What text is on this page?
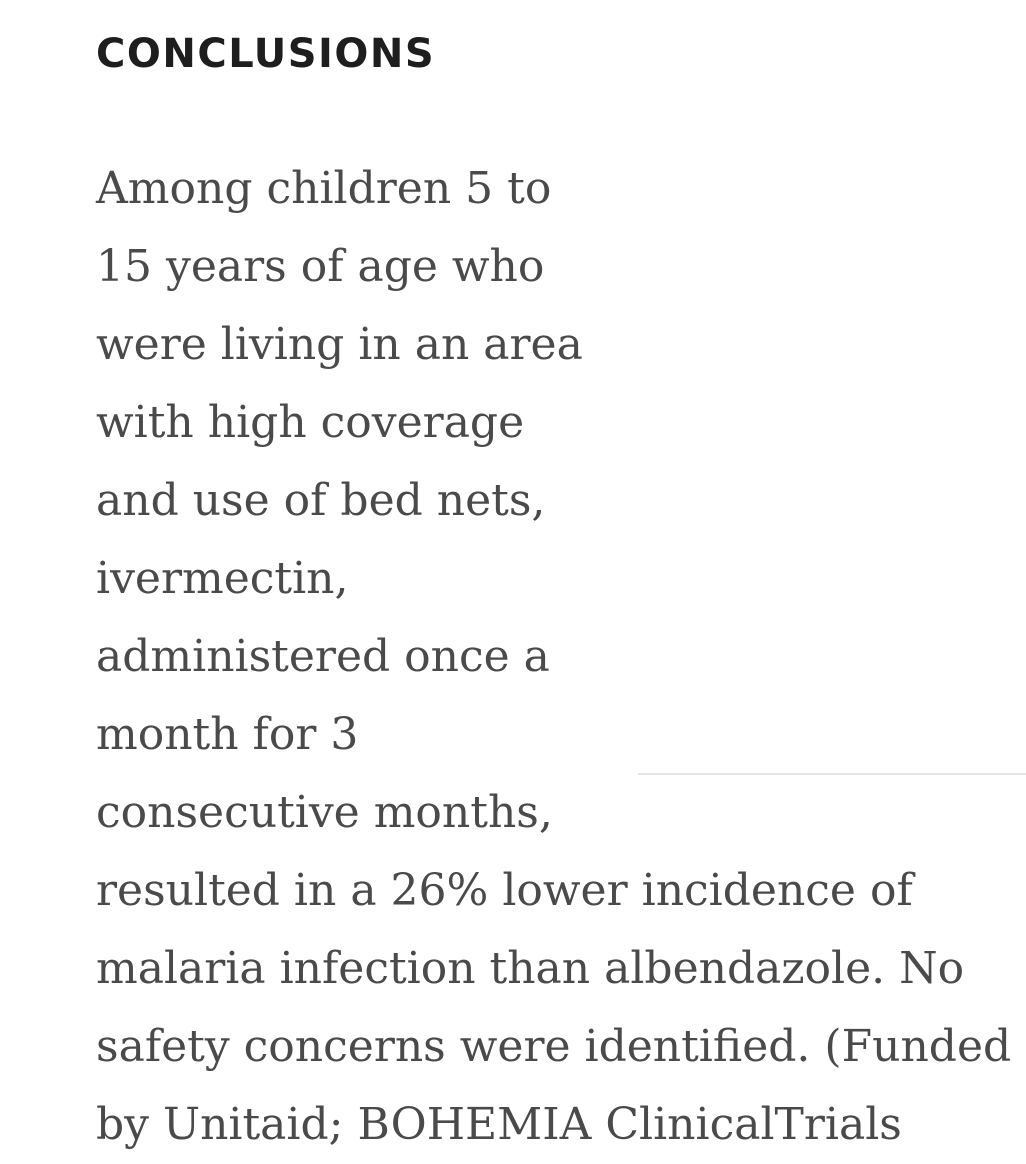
CONCLUSIONS

Among children 5 to
15 years of age who
were living in an area
with high coverage
and use of bed nets,
ivermectin,
administered once a
month for 3
consecutive months,
resulted in a 26% lower incidence of
malaria infection than albendazole. No
safety concerns were identified. (Funded
by Unitaid; BOHEMIA ClinicalTrials
